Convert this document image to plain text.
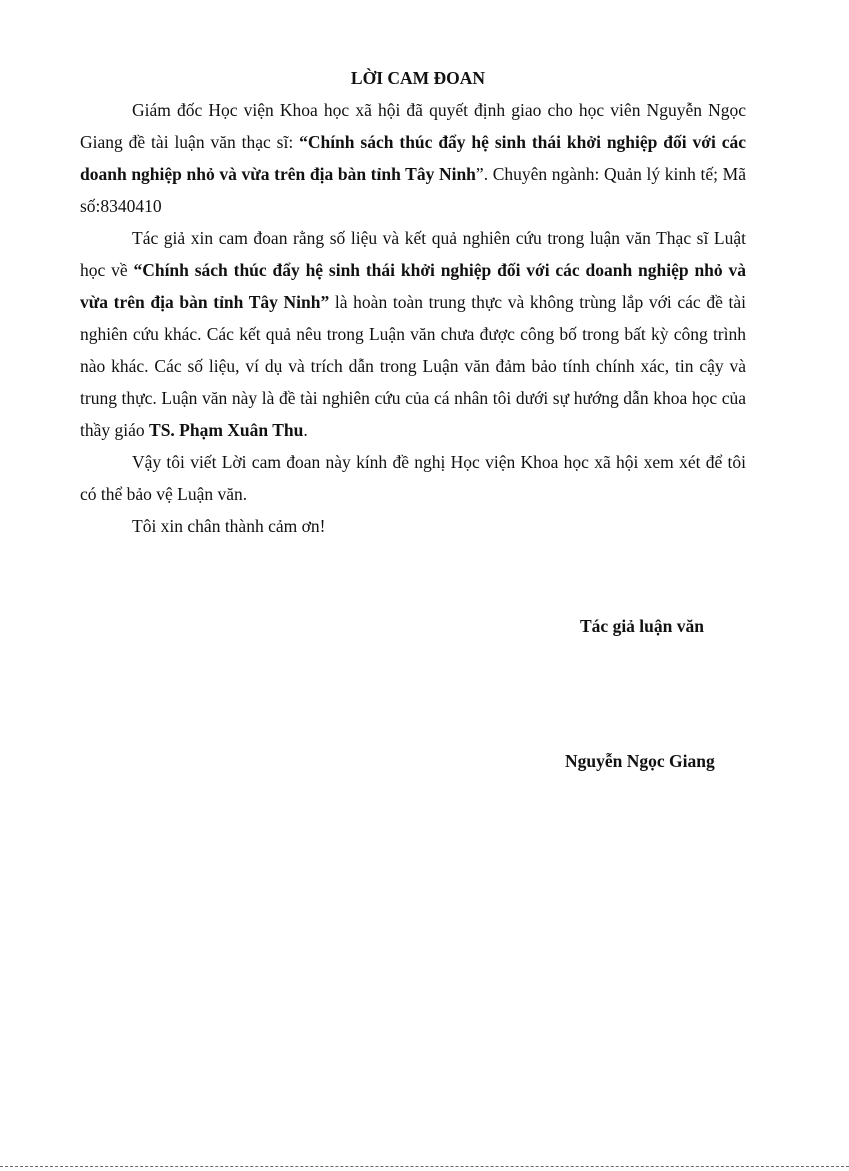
LỜI CAM ĐOAN

Giám đốc Học viện Khoa học xã hội đã quyết định giao cho học viên Nguyễn Ngọc Giang đề tài luận văn thạc sĩ: “Chính sách thúc đẩy hệ sinh thái khởi nghiệp đối với các doanh nghiệp nhỏ và vừa trên địa bàn tỉnh Tây Ninh”. Chuyên ngành: Quản lý kinh tế; Mã số:8340410

Tác giả xin cam đoan rằng số liệu và kết quả nghiên cứu trong luận văn Thạc sĩ Luật học về “Chính sách thúc đẩy hệ sinh thái khởi nghiệp đối với các doanh nghiệp nhỏ và vừa trên địa bàn tỉnh Tây Ninh” là hoàn toàn trung thực và không trùng lắp với các đề tài nghiên cứu khác. Các kết quả nêu trong Luận văn chưa được công bố trong bất kỳ công trình nào khác. Các số liệu, ví dụ và trích dẫn trong Luận văn đảm bảo tính chính xác, tin cậy và trung thực. Luận văn này là đề tài nghiên cứu của cá nhân tôi dưới sự hướng dẫn khoa học của thầy giáo TS. Phạm Xuân Thu.

Vậy tôi viết Lời cam đoan này kính đề nghị Học viện Khoa học xã hội xem xét để tôi có thể bảo vệ Luận văn.

Tôi xin chân thành cảm ơn!

Tác giả luận văn
Nguyễn Ngọc Giang
